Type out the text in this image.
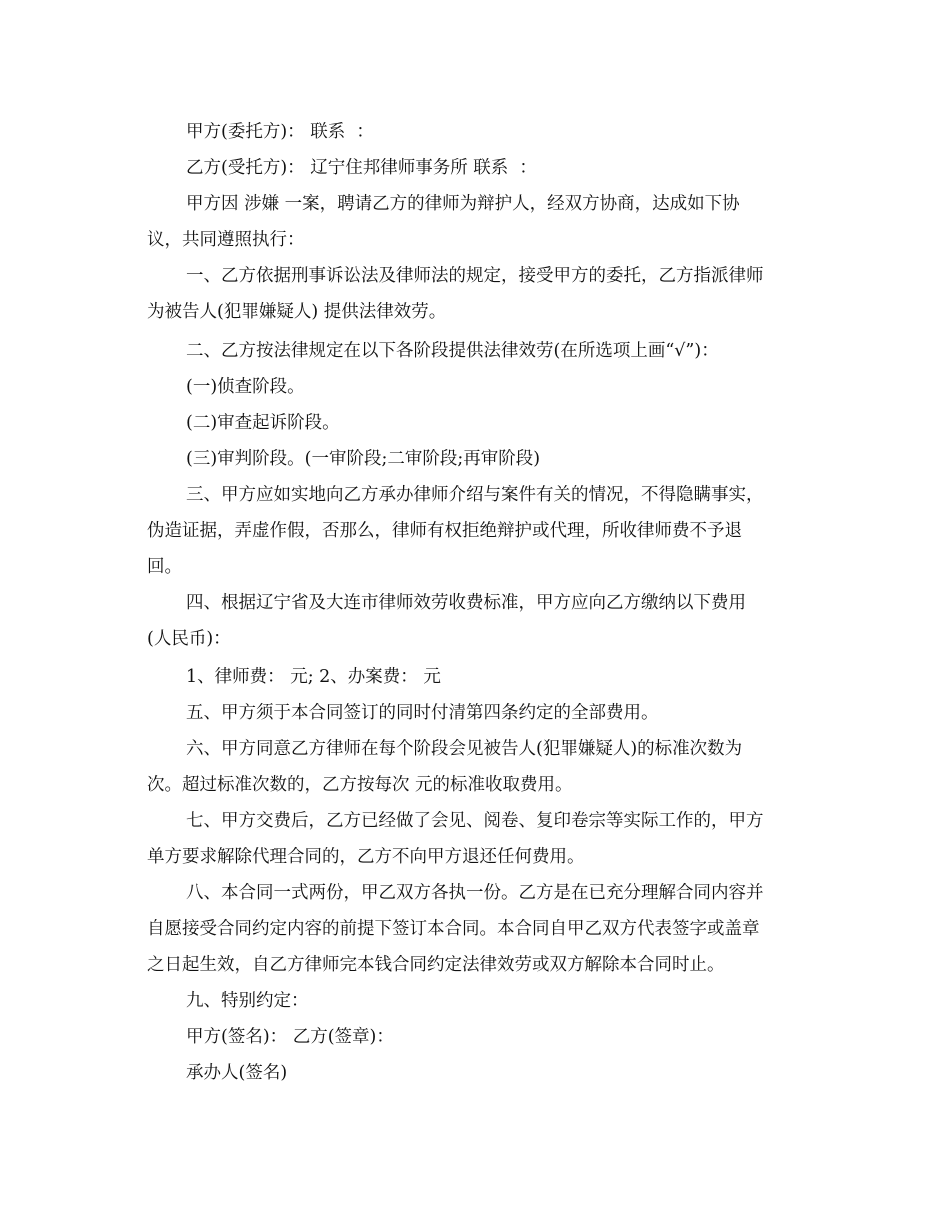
甲方(委托方)： 联系  ：
乙方(受托方)： 辽宁住邦律师事务所 联系  ：
甲方因 涉嫌 一案，聘请乙方的律师为辩护人，经双方协商，达成如下协
议，共同遵照执行：
一、乙方依据刑事诉讼法及律师法的规定，接受甲方的委托，乙方指派律师
为被告人(犯罪嫌疑人) 提供法律效劳。
二、乙方按法律规定在以下各阶段提供法律效劳(在所选项上画“√”)：
(一)侦查阶段。
(二)审查起诉阶段。
(三)审判阶段。(一审阶段;二审阶段;再审阶段)
三、甲方应如实地向乙方承办律师介绍与案件有关的情况，不得隐瞒事实，
伪造证据，弄虚作假，否那么，律师有权拒绝辩护或代理，所收律师费不予退
回。
四、根据辽宁省及大连市律师效劳收费标准，甲方应向乙方缴纳以下费用
(人民币)：
1、律师费： 元; 2、办案费： 元
五、甲方须于本合同签订的同时付清第四条约定的全部费用。
六、甲方同意乙方律师在每个阶段会见被告人(犯罪嫌疑人)的标准次数为
次。超过标准次数的，乙方按每次 元的标准收取费用。
七、甲方交费后，乙方已经做了会见、阅卷、复印卷宗等实际工作的，甲方
单方要求解除代理合同的，乙方不向甲方退还任何费用。
八、本合同一式两份，甲乙双方各执一份。乙方是在已充分理解合同内容并
自愿接受合同约定内容的前提下签订本合同。本合同自甲乙双方代表签字或盖章
之日起生效，自乙方律师完本钱合同约定法律效劳或双方解除本合同时止。
九、特别约定：
甲方(签名)： 乙方(签章)：
承办人(签名)
